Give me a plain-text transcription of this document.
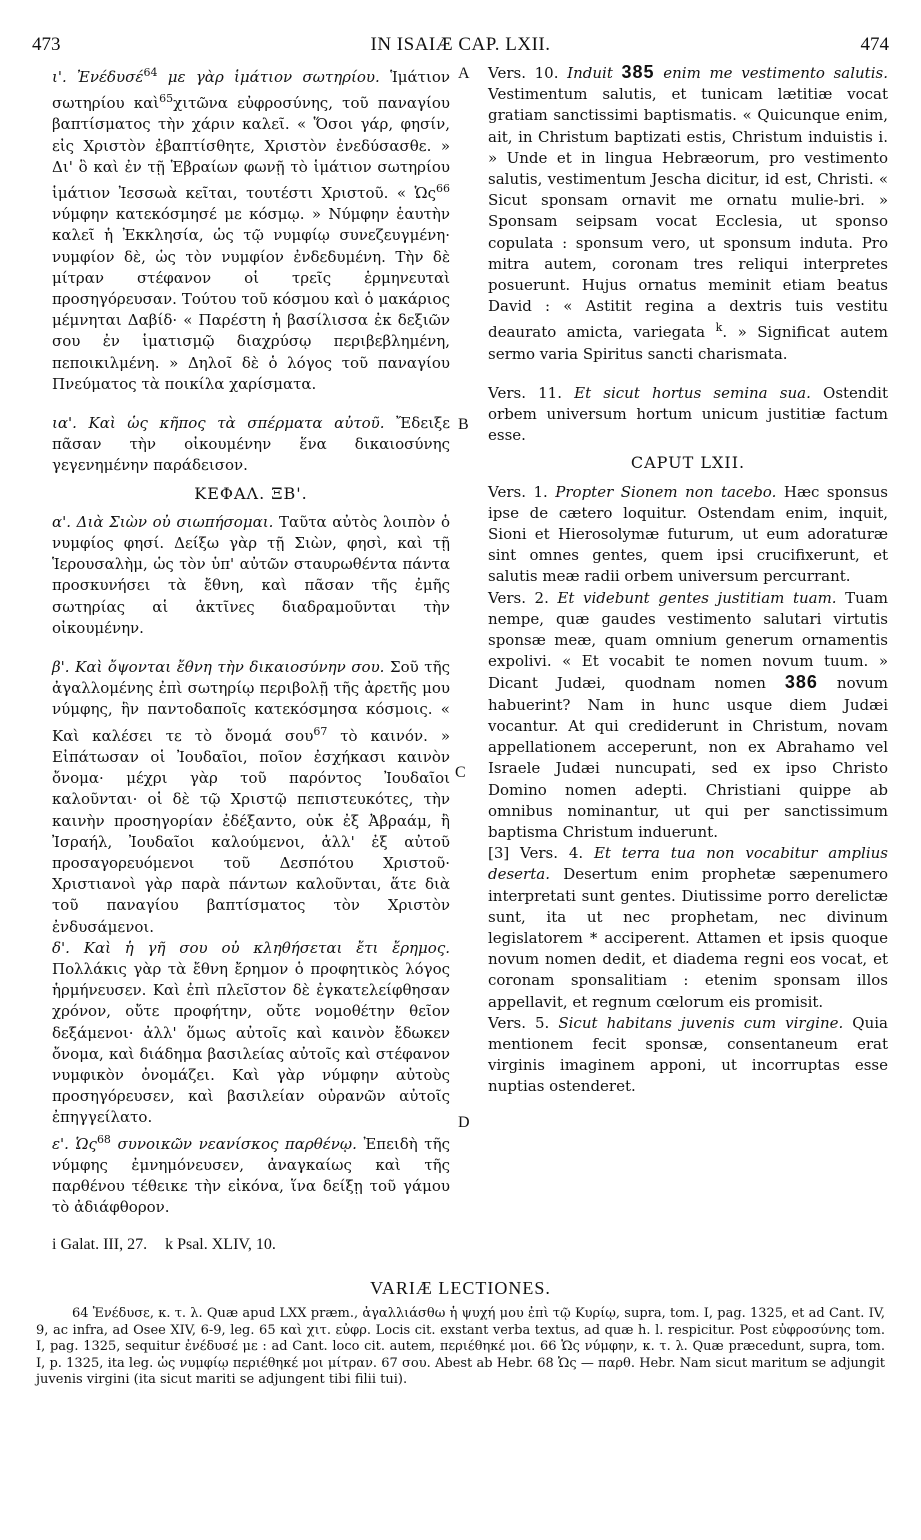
473	IN ISAIÆ CAP. LXII.	474
A
B
C
D

ι'. Ἐνέδυσέ$^{64}$ με γὰρ ἱμάτιον σωτηρίου. Ἱμάτιον σωτηρίου καὶ$^{65}$χιτῶνα εὐφροσύνης, τοῦ παναγίου βαπτίσματος τὴν χάριν καλεῖ. « Ὅσοι γάρ, φησίν, εἰς Χριστὸν ἐβαπτίσθητε, Χριστὸν ἐνεδύσασθε. » Δι' ὃ καὶ ἐν τῇ Ἑβραίων φωνῇ τὸ ἱμάτιον σωτηρίου ἱμάτιον Ἰεσσωὰ κεῖται, τουτέστι Χριστοῦ. « Ὡς$^{66}$ νύμφην κατεκόσμησέ με κόσμῳ. » Νύμφην ἑαυτὴν καλεῖ ἡ Ἐκκλησία, ὡς τῷ νυμφίῳ συνεζευγμένη· νυμφίον δὲ, ὡς τὸν νυμφίον ἐνδεδυμένη. Τὴν δὲ μίτραν στέφανον οἱ τρεῖς ἑρμηνευταὶ προσηγόρευσαν. Τούτου τοῦ κόσμου καὶ ὁ μακάριος μέμνηται Δαβίδ· « Παρέστη ἡ βασίλισσα ἐκ δεξιῶν σου ἐν ἱματισμῷ διαχρύσῳ περιβεβλημένη, πεποικιλμένη. » Δηλοῖ δὲ ὁ λόγος τοῦ παναγίου Πνεύματος τὰ ποικίλα χαρίσματα.

ια'. Καὶ ὡς κῆπος τὰ σπέρματα αὐτοῦ. Ἔδειξε πᾶσαν τὴν οἰκουμένην ἕνα δικαιοσύνης γεγενημένην παράδεισον.

ΚΕΦΑΛ. ΞΒ'.

α'. Διὰ Σιὼν οὐ σιωπήσομαι. Ταῦτα αὐτὸς λοιπὸν ὁ νυμφίος φησί. Δείξω γὰρ τῇ Σιὼν, φησὶ, καὶ τῇ Ἱερουσαλὴμ, ὡς τὸν ὑπ' αὐτῶν σταυρωθέντα πάντα προσκυνήσει τὰ ἔθνη, καὶ πᾶσαν τῆς ἐμῆς σωτηρίας αἱ ἀκτῖνες διαδραμοῦνται τὴν οἰκουμένην.

β'. Καὶ ὄψονται ἔθνη τὴν δικαιοσύνην σου. Σοῦ τῆς ἀγαλλομένης ἐπὶ σωτηρίῳ περιβολῇ τῆς ἀρετῆς μου νύμφης, ἣν παντοδαποῖς κατεκόσμησα κόσμοις. « Καὶ καλέσει τε τὸ ὄνομά σου$^{67}$ τὸ καινόν. » Εἰπάτωσαν οἱ Ἰουδαῖοι, ποῖον ἐσχήκασι καινὸν ὄνομα· μέχρι γὰρ τοῦ παρόντος Ἰουδαῖοι καλοῦνται· οἱ δὲ τῷ Χριστῷ πεπιστευκότες, τὴν καινὴν προσηγορίαν ἐδέξαντο, οὐκ ἐξ Ἀβραάμ, ἢ Ἰσραήλ, Ἰουδαῖοι καλούμενοι, ἀλλ' ἐξ αὐτοῦ προσαγορευόμενοι τοῦ Δεσπότου Χριστοῦ· Χριστιανοὶ γὰρ παρὰ πάντων καλοῦνται, ἅτε διὰ τοῦ παναγίου βαπτίσματος τὸν Χριστὸν ἐνδυσάμενοι.

δ'. Καὶ ἡ γῆ σου οὐ κληθήσεται ἔτι ἔρημος. Πολλάκις γὰρ τὰ ἔθνη ἔρημον ὁ προφητικὸς λόγος ἡρμήνευσεν. Καὶ ἐπὶ πλεῖστον δὲ ἐγκατελείφθησαν χρόνον, οὔτε προφήτην, οὔτε νομοθέτην θεῖον δεξάμενοι· ἀλλ' ὅμως αὐτοῖς καὶ καινὸν ἔδωκεν ὄνομα, καὶ διάδημα βασιλείας αὐτοῖς καὶ στέφανον νυμφικὸν ὀνομάζει. Καὶ γὰρ νύμφην αὐτοὺς προσηγόρευσεν, καὶ βασιλείαν οὐρανῶν αὐτοῖς ἐπηγγείλατο.

ε'. Ὡς$^{68}$ συνοικῶν νεανίσκος παρθένῳ. Ἐπειδὴ τῆς νύμφης ἐμνημόνευσεν, ἀναγκαίως καὶ τῆς παρθένου τέθεικε τὴν εἰκόνα, ἵνα δείξῃ τοῦ γάμου τὸ ἀδιάφθορον.

Vers. 10. Induit 385 enim me vestimento salutis. Vestimentum salutis, et tunicam lætitiæ vocat gratiam sanctissimi baptismatis. « Quicunque enim, ait, in Christum baptizati estis, Christum induistis i. » Unde et in lingua Hebræorum, pro vestimento salutis, vestimentum Jescha dicitur, id est, Christi. « Sicut sponsam ornavit me ornatu mulie-bri. » Sponsam seipsam vocat Ecclesia, ut sponso copulata : sponsum vero, ut sponsum induta. Pro mitra autem, coronam tres reliqui interpretes posuerunt. Hujus ornatus meminit etiam beatus David : « Astitit regina a dextris tuis vestitu deaurato amicta, variegata $^k$. » Significat autem sermo varia Spiritus sancti charismata.

Vers. 11. Et sicut hortus semina sua. Ostendit orbem universum hortum unicum justitiæ factum esse.

CAPUT LXII.

Vers. 1. Propter Sionem non tacebo. Hæc sponsus ipse de cætero loquitur. Ostendam enim, inquit, Sioni et Hierosolymæ futurum, ut eum adoraturæ sint omnes gentes, quem ipsi crucifixerunt, et salutis meæ radii orbem universum percurrant.

Vers. 2. Et videbunt gentes justitiam tuam. Tuam nempe, quæ gaudes vestimento salutari virtutis sponsæ meæ, quam omnium generum ornamentis expolivi. « Et vocabit te nomen novum tuum. » Dicant Judæi, quodnam nomen 386 novum habuerint? Nam in hunc usque diem Judæi vocantur. At qui crediderunt in Christum, novam appellationem acceperunt, non ex Abrahamo vel Israele Judæi nuncupati, sed ex ipso Christo Domino nomen adepti. Christiani quippe ab omnibus nominantur, ut qui per sanctissimum baptisma Christum induerunt.

[3] Vers. 4. Et terra tua non vocabitur amplius deserta. Desertum enim prophetæ sæpenumero interpretati sunt gentes. Diutissime porro derelictæ sunt, ita ut nec prophetam, nec divinum legislatorem * acciperent. Attamen et ipsis quoque novum nomen dedit, et diadema regni eos vocat, et coronam sponsalitiam : etenim sponsam illos appellavit, et regnum cœlorum eis promisit.

Vers. 5. Sicut habitans juvenis cum virgine. Quia mentionem fecit sponsæ, consentaneum erat virginis imaginem apponi, ut incorruptas esse nuptias ostenderet.

i Galat. III, 27. k Psal. XLIV, 10.
VARIÆ LECTIONES.
64 Ἐνέδυσε, κ. τ. λ. Quæ apud LXX præm., ἀγαλλιάσθω ἡ ψυχή μου ἐπὶ τῷ Κυρίῳ, supra, tom. I, pag. 1325, et ad Cant. IV, 9, ac infra, ad Osee XIV, 6-9, leg. 65 καὶ χιτ. εὐφρ. Locis cit. exstant verba textus, ad quæ h. l. respicitur. Post εὐφροσύνης tom. I, pag. 1325, sequitur ἐνέδυσέ με : ad Cant. loco cit. autem, περιέθηκέ μοι. 66 Ὡς νύμφην, κ. τ. λ. Quæ præcedunt, supra, tom. I, p. 1325, ita leg. ὡς νυμφίῳ περιέθηκέ μοι μίτραν. 67 σου. Abest ab Hebr. 68 Ὡς — παρθ. Hebr. Nam sicut maritum se adjungit juvenis virgini (ita sicut mariti se adjungent tibi filii tui).
